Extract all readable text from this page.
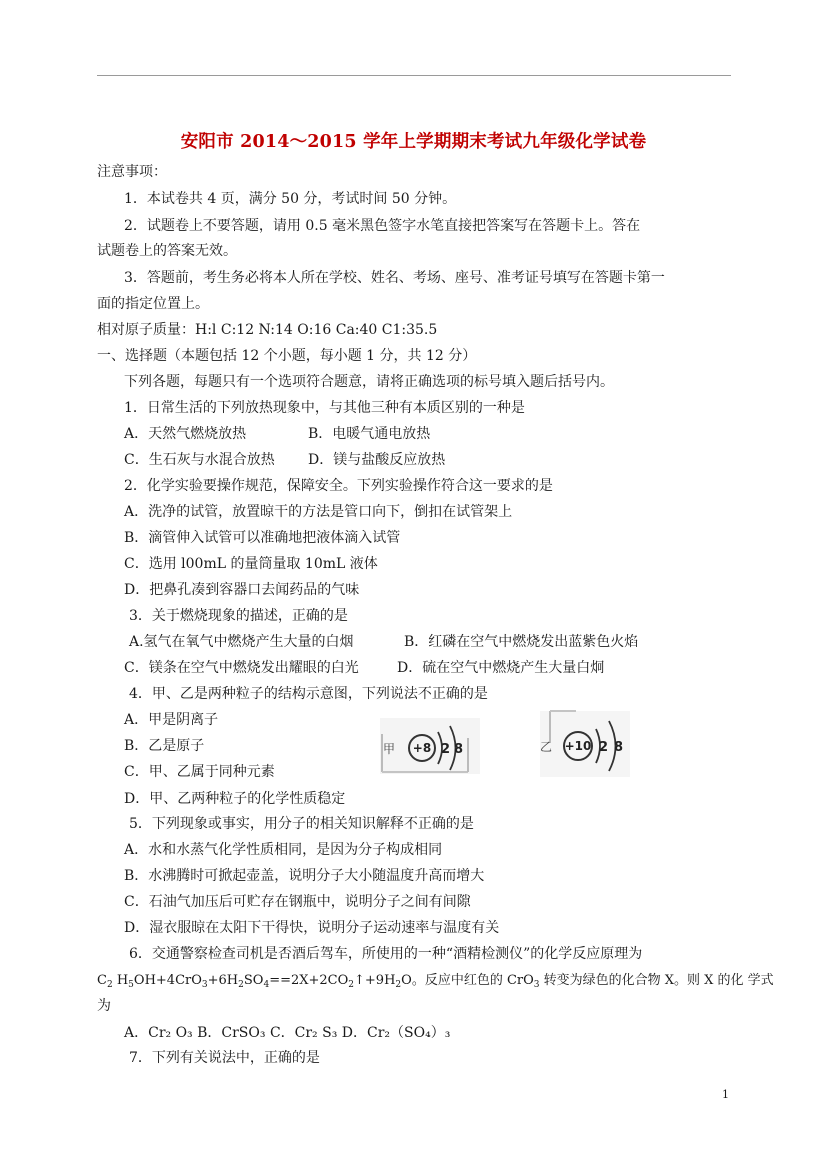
安阳市 2014～2015 学年上学期期末考试九年级化学试卷
注意事项：
1．本试卷共 4 页，满分 50 分，考试时间 50 分钟。
2．试题卷上不要答题，请用 0.5 毫米黑色签字水笔直接把答案写在答题卡上。答在
试题卷上的答案无效。
3．答题前，考生务必将本人所在学校、姓名、考场、座号、准考证号填写在答题卡第一
面的指定位置上。
相对原子质量：H:l C:12 N:14 O:16 Ca:40 C1:35.5
一、选择题（本题包括 12 个小题，每小题 1 分，共 12 分）
下列各题，每题只有一个选项符合题意，请将正确选项的标号填入题后括号内。
1．日常生活的下列放热现象中，与其他三种有本质区别的一种是
A．天然气燃烧放热	B．电暖气通电放热
C．生石灰与水混合放热 D．镁与盐酸反应放热
2．化学实验要操作规范，保障安全。下列实验操作符合这一要求的是
A．洗净的试管，放置晾干的方法是管口向下，倒扣在试管架上
B．滴管伸入试管可以准确地把液体滴入试管
C．选用 l00mL 的量筒量取 10mL 液体
D．把鼻孔凑到容器口去闻药品的气味
3．关于燃烧现象的描述，正确的是
A.氢气在氧气中燃烧产生大量的白烟	B．红磷在空气中燃烧发出蓝紫色火焰
C．镁条在空气中燃烧发出耀眼的白光	D．硫在空气中燃烧产生大量白炯
4．甲、乙是两种粒子的结构示意图，下列说法不正确的是
A．甲是阴离子
B．乙是原子
C．甲、乙属于同种元素
D．甲、乙两种粒子的化学性质稳定
甲 +8 2 8	乙 +10 2 8
5．下列现象或事实，用分子的相关知识解释不正确的是
A．水和水蒸气化学性质相同，是因为分子构成相同
B．水沸腾时可掀起壶盖，说明分子大小随温度升高而增大
C．石油气加压后可贮存在钢瓶中，说明分子之间有间隙
D．湿衣服晾在太阳下干得快，说明分子运动速率与温度有关
6．交通警察检查司机是否酒后驾车，所使用的一种“酒精检测仪”的化学反应原理为
$C_2$ $H_5OH+4CrO_3+6H_2SO_4==2X+2CO_2↑+9H_2O$。反应中红色的 CrO$_3$ 转变为绿色的化合物 X。则 X 的化 学式
为
A．Cr₂ O₃ B．CrSO₃ C．Cr₂ S₃ D．Cr₂（SO₄）₃
7．下列有关说法中，正确的是
1
